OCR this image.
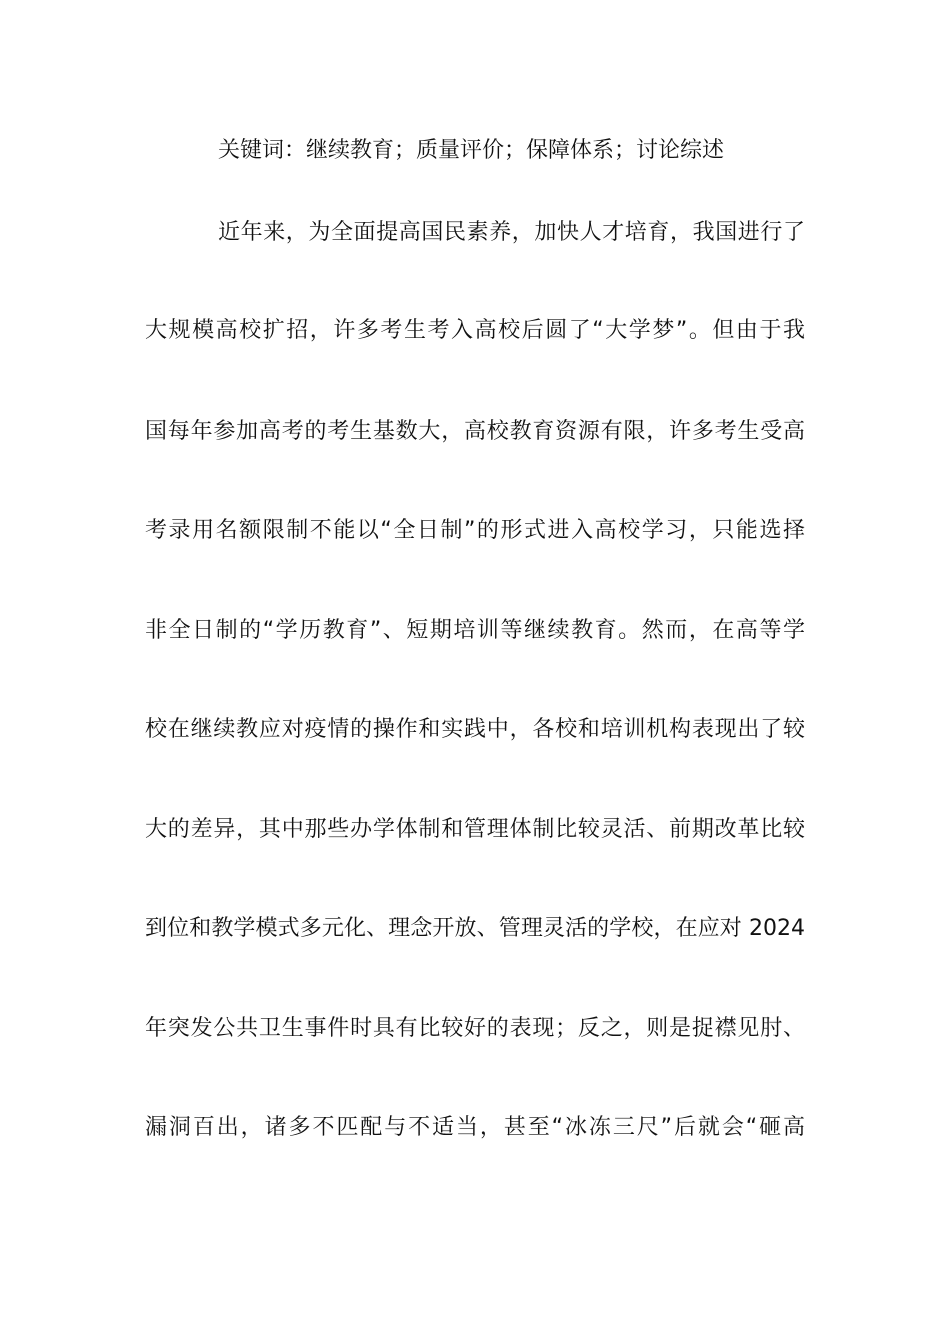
关键词：继续教育；质量评价；保障体系；讨论综述
近年来，为全面提高国民素养，加快人才培育，我国进行了
大规模高校扩招，许多考生考入高校后圆了“大学梦”。但由于我
国每年参加高考的考生基数大，高校教育资源有限，许多考生受高
考录用名额限制不能以“全日制”的形式进入高校学习，只能选择
非全日制的“学历教育”、短期培训等继续教育。然而，在高等学
校在继续教应对疫情的操作和实践中，各校和培训机构表现出了较
大的差异，其中那些办学体制和管理体制比较灵活、前期改革比较
到位和教学模式多元化、理念开放、管理灵活的学校，在应对 2024
年突发公共卫生事件时具有比较好的表现；反之，则是捉襟见肘、
漏洞百出，诸多不匹配与不适当，甚至“冰冻三尺”后就会“砸高
